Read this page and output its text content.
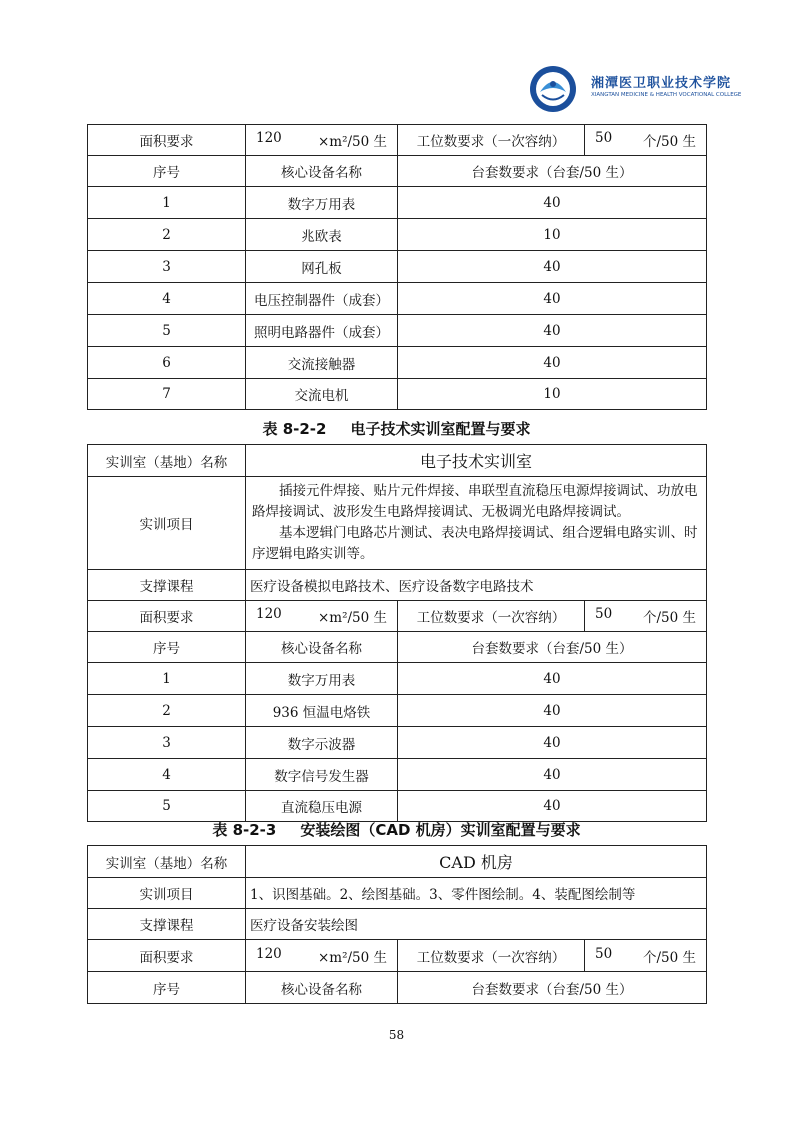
湘潭医卫职业技术学院
XIANGTAN MEDICINE & HEALTH VOCATIONAL COLLEGE
面积要求	120 ×m²/50 生	工位数要求（一次容纳）	50 个/50 生

序号	核心设备名称	台套数要求（台套/50 生）	
1	数字万用表	40	
2	兆欧表	10	
3	网孔板	40	
4	电压控制器件（成套）	40	
5	照明电路器件（成套）	40	
6	交流接触器	40	
7	交流电机	10	
表 8-2-2 电子技术实训室配置与要求
实训室（基地）名称	电子技术实训室		
实训项目	插接元件焊接、贴片元件焊接、串联型直流稳压电源焊接调试、功放电路焊接调试、波形发生电路焊接调试、无极调光电路焊接调试。
基本逻辑门电路芯片测试、表决电路焊接调试、组合逻辑电路实训、时序逻辑电路实训等。		

支撑课程	医疗设备模拟电路技术、医疗设备数字电路技术		
面积要求	120 ×m²/50 生	工位数要求（一次容纳）	50 个/50 生

序号	核心设备名称	台套数要求（台套/50 生）	
1	数字万用表	40	
2	936 恒温电烙铁	40	
3	数字示波器	40	
4	数字信号发生器	40	
5	直流稳压电源	40	
表 8-2-3 安装绘图（CAD 机房）实训室配置与要求
实训室（基地）名称	CAD 机房		
实训项目	1、识图基础。2、绘图基础。3、零件图绘制。4、装配图绘制等		
支撑课程	医疗设备安装绘图		
面积要求	120 ×m²/50 生	工位数要求（一次容纳）	50 个/50 生

序号	核心设备名称	台套数要求（台套/50 生）	
58
